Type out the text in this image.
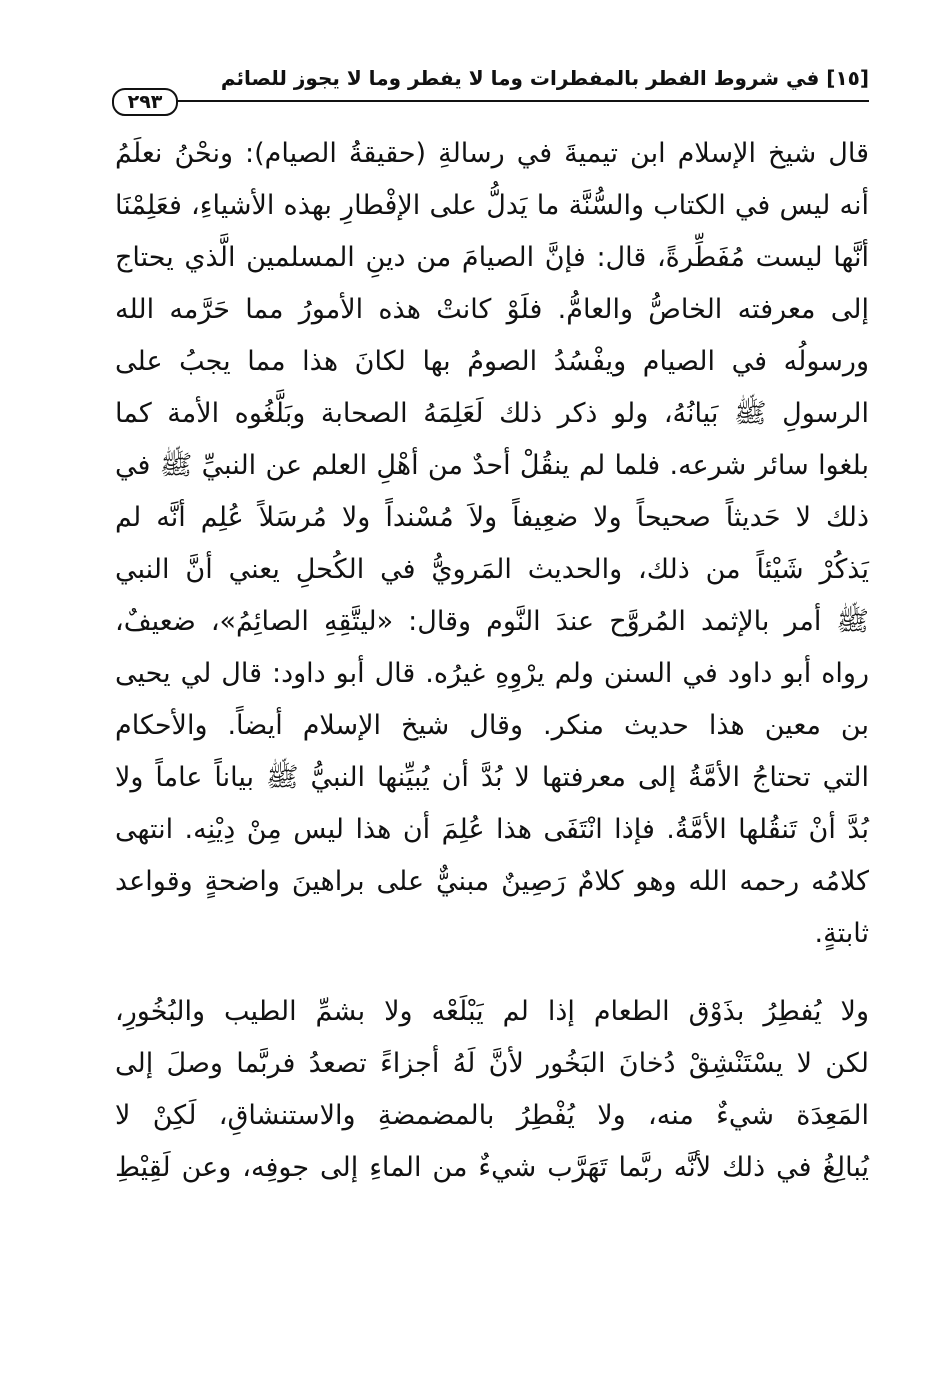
[١٥] في شروط الفطر بالمفطرات وما لا يفطر وما لا يجوز للصائم
٢٩٣
قال شيخ الإسلام ابن تيميةَ في رسالةِ (حقيقةُ الصيام): ونحْنُ نعلَمُ
أنه ليس في الكتاب والسُّنَّة ما يَدلُّ على الإفْطارِ بهذه الأشياءِ، فعَلِمْنَا
أنَّها ليست مُفَطِّرةً، قال: فإنَّ الصيامَ من دينِ المسلمين الَّذي يحتاج
إلى معرفته الخاصُّ والعامُّ. فلَوْ كانتْ هذه الأمورُ مما حَرَّمه الله
ورسولُه في الصيام ويفْسُدُ الصومُ بها لكانَ هذا مما يجبُ على
الرسولِ ﷺ بَيانُهُ، ولو ذكر ذلك لَعَلِمَهُ الصحابة وبَلَّغُوه الأمة كما
بلغوا سائر شرعه. فلما لم ينقُلْ أحدٌ من أهْلِ العلم عن النبيِّ ﷺ في
ذلك لا حَديثاً صحيحاً ولا ضعِيفاً ولاَ مُسْنداً ولا مُرسَلاً عُلِم أنَّه لم
يَذكُرْ شَيْئاً من ذلك، والحديث المَرويُّ في الكُحلِ يعني أنَّ النبي
ﷺ أمر بالإثمد المُروَّح عندَ النَّوم وقال: «ليتَّقِهِ الصائِمُ»، ضعيفٌ،
رواه أبو داود في السنن ولم يرْوِهِ غيرُه. قال أبو داود: قال لي يحيى
بن معين هذا حديث منكر. وقال شيخ الإسلام أيضاً. والأحكام
التي تحتاجُ الأمَّةُ إلى معرفتها لا بُدَّ أن يُبيِّنها النبيُّ ﷺ بياناً عاماً ولا
بُدَّ أنْ تَنقُلها الأمَّةُ. فإذا انْتَفَى هذا عُلِمَ أن هذا ليس مِنْ دِيْنِه. انتهى
كلامُه رحمه الله وهو كلامٌ رَصِينٌ مبنيٌّ على براهينَ واضحةٍ وقواعد
ثابتةٍ.
ولا يُفطِرُ بذَوْق الطعام إذا لم يَبْلَعْه ولا بشمِّ الطيب والبُخُورِ،
لكن لا يسْتَنْشِقْ دُخانَ البَخُور لأنَّ لَهُ أجزاءً تصعدُ فربَّما وصلَ إلى
المَعِدَة شيءٌ منه، ولا يُفْطِرُ بالمضمضةِ والاستنشاقِ، لَكِنْ لا
يُبالِغُ في ذلك لأنَّه ربَّما تَهَرَّب شيءٌ من الماءِ إلى جوفِه، وعن لَقِيْطِ
